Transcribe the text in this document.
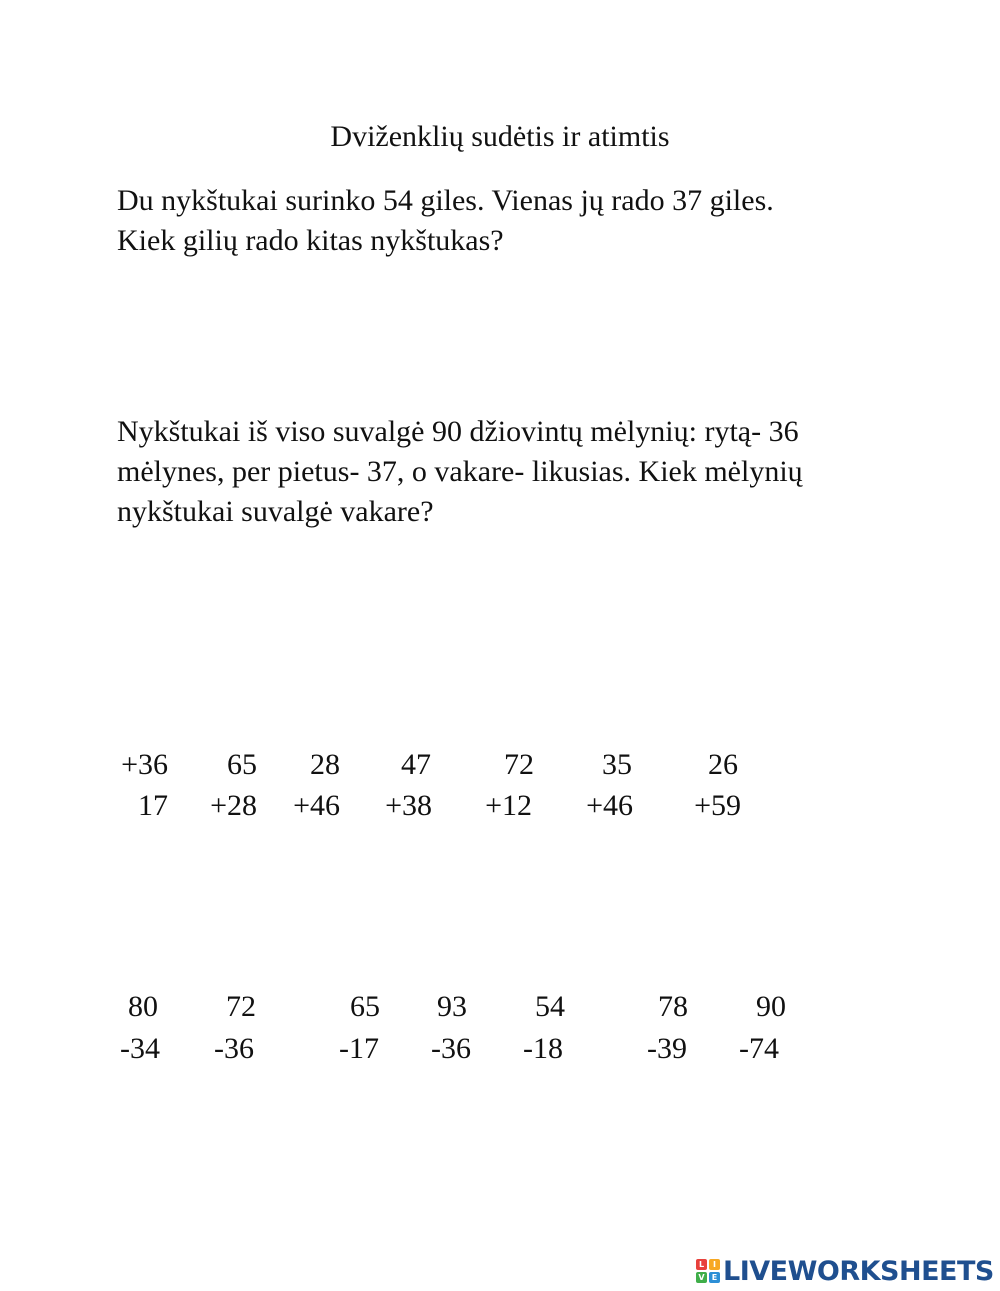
Dviženklių sudėtis ir atimtis

Du nykštukai surinko 54 giles. Vienas jų rado 37 giles.
Kiek gilių rado kitas nykštukas?

Nykštukai iš viso suvalgė 90 džiovintų mėlynių: rytą- 36
mėlynes, per pietus- 37, o vakare- likusias. Kiek mėlynių
nykštukai suvalgė vakare?

+36
17
65
+28
28
+46
47
+38
72
+12
35
+46
26
+59
80
-34
72
-36
65
-17
93
-36
54
-18
78
-39
90
-74
L	I
V E LIVEWORKSHEETS
